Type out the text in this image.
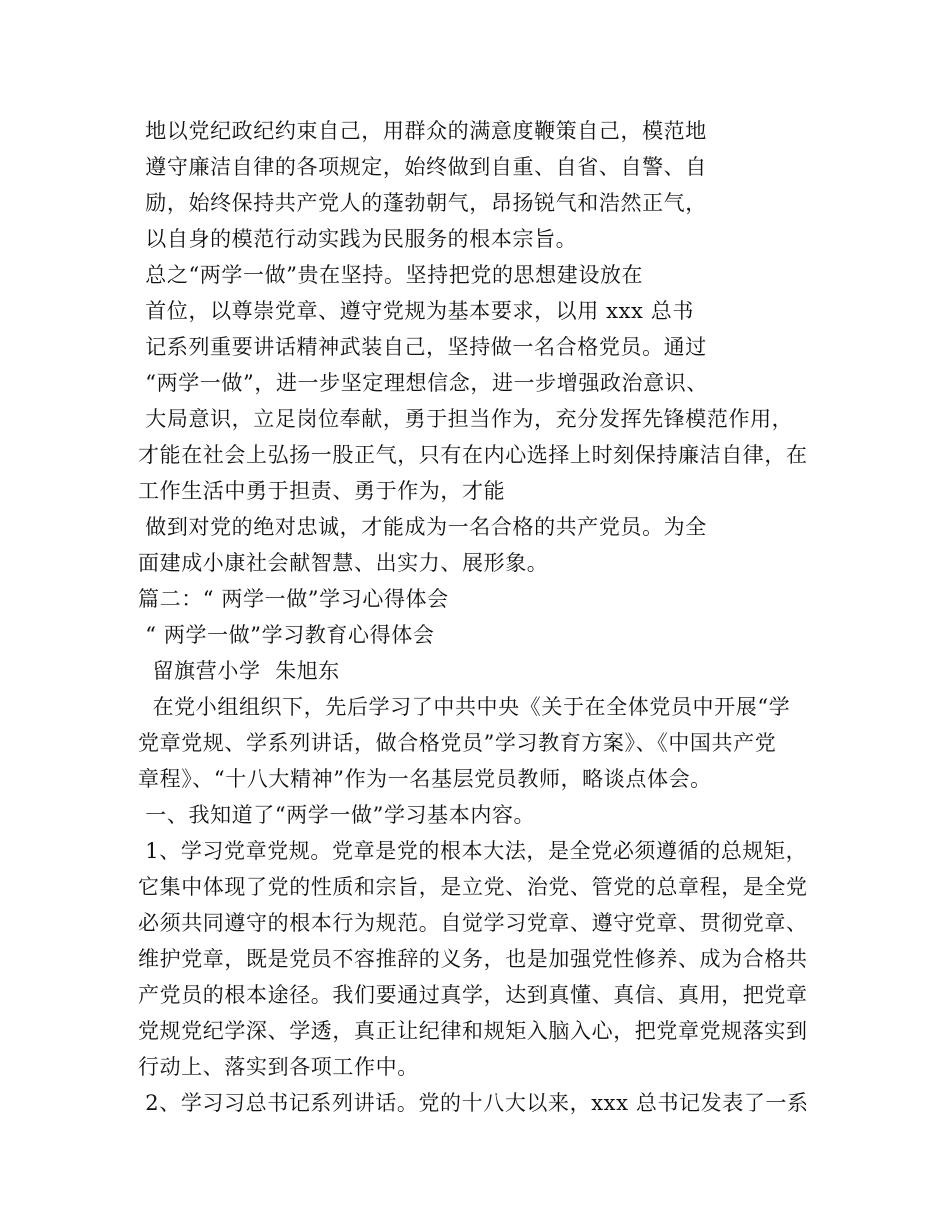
地以党纪政纪约束自己，用群众的满意度鞭策自己，模范地
遵守廉洁自律的各项规定，始终做到自重、自省、自警、自
励，始终保持共产党人的蓬勃朝气，昂扬锐气和浩然正气，
以自身的模范行动实践为民服务的根本宗旨。
总之“两学一做”贵在坚持。坚持把党的思想建设放在
首位，以尊崇党章、遵守党规为基本要求，以用 xxx 总书
记系列重要讲话精神武装自己，坚持做一名合格党员。通过
“两学一做”，进一步坚定理想信念，进一步增强政治意识、
大局意识，立足岗位奉献，勇于担当作为，充分发挥先锋模范作用，
才能在社会上弘扬一股正气，只有在内心选择上时刻保持廉洁自律，在
工作生活中勇于担责、勇于作为，才能
做到对党的绝对忠诚，才能成为一名合格的共产党员。为全
面建成小康社会献智慧、出实力、展形象。
篇二：“ 两学一做”学习心得体会
“ 两学一做”学习教育心得体会
留旗营小学  朱旭东
在党小组组织下，先后学习了中共中央《关于在全体党员中开展“学
党章党规、学系列讲话，做合格党员”学习教育方案》、《中国共产党
章程》、“十八大精神”作为一名基层党员教师，略谈点体会。
一、我知道了“两学一做”学习基本内容。
1、学习党章党规。党章是党的根本大法，是全党必须遵循的总规矩，
它集中体现了党的性质和宗旨，是立党、治党、管党的总章程，是全党
必须共同遵守的根本行为规范。自觉学习党章、遵守党章、贯彻党章、
维护党章，既是党员不容推辞的义务，也是加强党性修养、成为合格共
产党员的根本途径。我们要通过真学，达到真懂、真信、真用，把党章
党规党纪学深、学透，真正让纪律和规矩入脑入心，把党章党规落实到
行动上、落实到各项工作中。
2、学习习总书记系列讲话。党的十八大以来，xxx 总书记发表了一系
